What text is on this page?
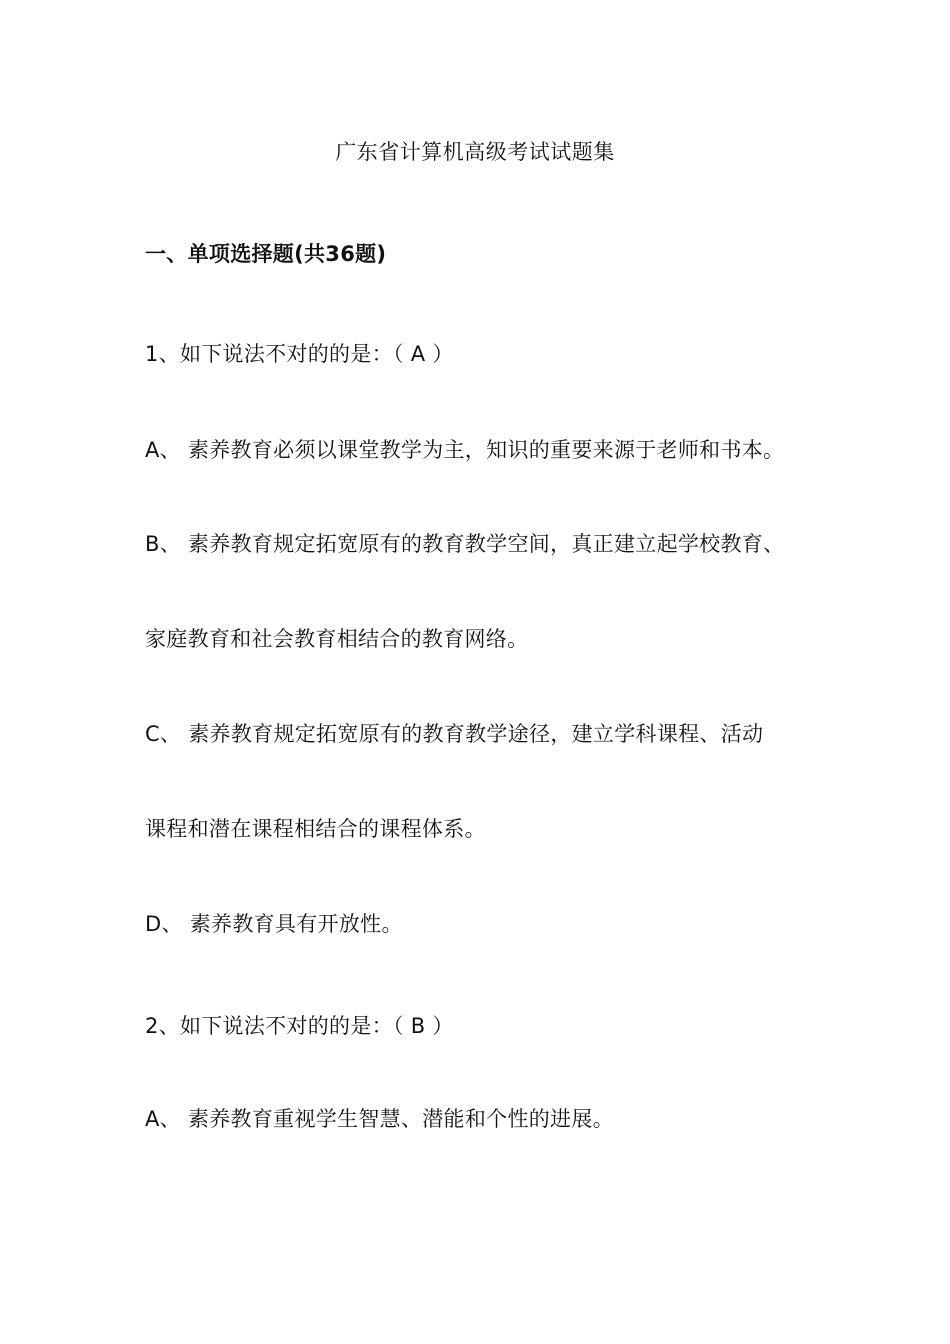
广东省计算机高级考试试题集
一、单项选择题(共36题)
1、如下说法不对的的是：（ A ）
A、 素养教育必须以课堂教学为主，知识的重要来源于老师和书本。
B、 素养教育规定拓宽原有的教育教学空间，真正建立起学校教育、
家庭教育和社会教育相结合的教育网络。
C、 素养教育规定拓宽原有的教育教学途径，建立学科课程、活动
课程和潜在课程相结合的课程体系。
D、 素养教育具有开放性。
2、如下说法不对的的是：（ B ）
A、 素养教育重视学生智慧、潜能和个性的进展。
